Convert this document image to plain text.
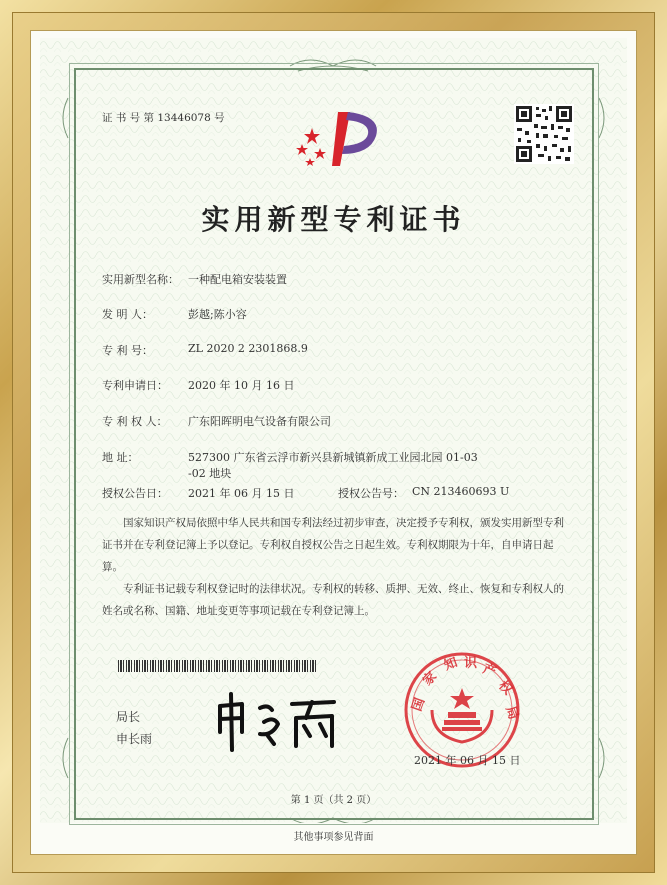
证 书 号 第 13446078 号
实用新型专利证书
实用新型名称： 一种配电箱安装装置
发 明 人：	彭越;陈小容
专 利 号：	ZL 2020 2 2301868.9
专利申请日： 2020 年 10 月 16 日
专 利 权 人： 广东阳晖明电气设备有限公司
地 址：	527300 广东省云浮市新兴县新城镇新成工业园北园 01-03
-02 地块
授权公告日： 2021 年 06 月 15 日	授权公告号： CN 213460693 U
国家知识产权局依照中华人民共和国专利法经过初步审查，决定授予专利权，颁发实用新型专利证书并在专利登记簿上予以登记。专利权自授权公告之日起生效。专利权期限为十年，自申请日起算。
专利证书记载专利权登记时的法律状况。专利权的转移、质押、无效、终止、恢复和专利权人的姓名或名称、国籍、地址变更等事项记载在专利登记簿上。
局长
申长雨
国
家
知 识 产
权
局
2021 年 06 月 15 日
第 1 页（共 2 页）
其他事项参见背面
